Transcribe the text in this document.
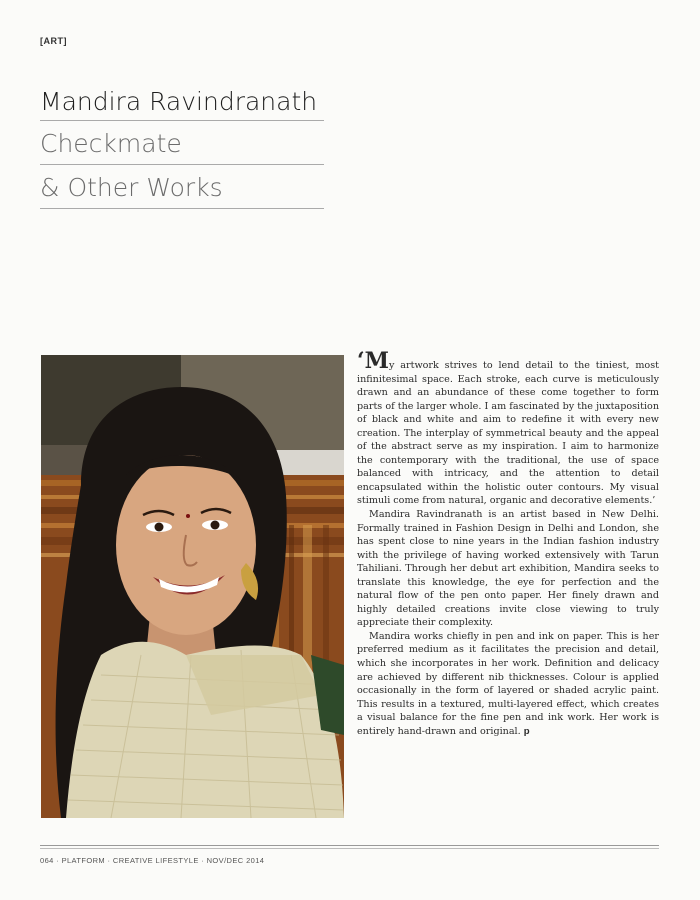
[ART]
Mandira Ravindranath
Checkmate
& Other Works

‘My artwork strives to lend detail to the tiniest, most infinitesimal space. Each stroke, each curve is meticulously drawn and an abundance of these come together to form parts of the larger whole. I am fascinated by the juxtaposition of black and white and aim to redefine it with every new creation. The interplay of symmetrical beauty and the appeal of the abstract serve as my inspiration. I aim to harmonize the contemporary with the traditional, the use of space balanced with intricacy, and the attention to detail encapsulated within the holistic outer contours. My visual stimuli come from natural, organic and decorative elements.’

Mandira Ravindranath is an artist based in New Delhi. Formally trained in Fashion Design in Delhi and London, she has spent close to nine years in the Indian fashion industry with the privilege of having worked extensively with Tarun Tahiliani. Through her debut art exhibition, Mandira seeks to translate this knowledge, the eye for perfection and the natural flow of the pen onto paper. Her finely drawn and highly detailed creations invite close viewing to truly appreciate their complexity.

Mandira works chiefly in pen and ink on paper. This is her preferred medium as it facilitates the precision and detail, which she incorporates in her work. Definition and delicacy are achieved by different nib thicknesses. Colour is applied occasionally in the form of layered or shaded acrylic paint. This results in a textured, multi-layered effect, which creates a visual balance for the fine pen and ink work. Her work is entirely hand-drawn and original. p

064 · PLATFORM · CREATIVE LIFESTYLE · NOV/DEC 2014
